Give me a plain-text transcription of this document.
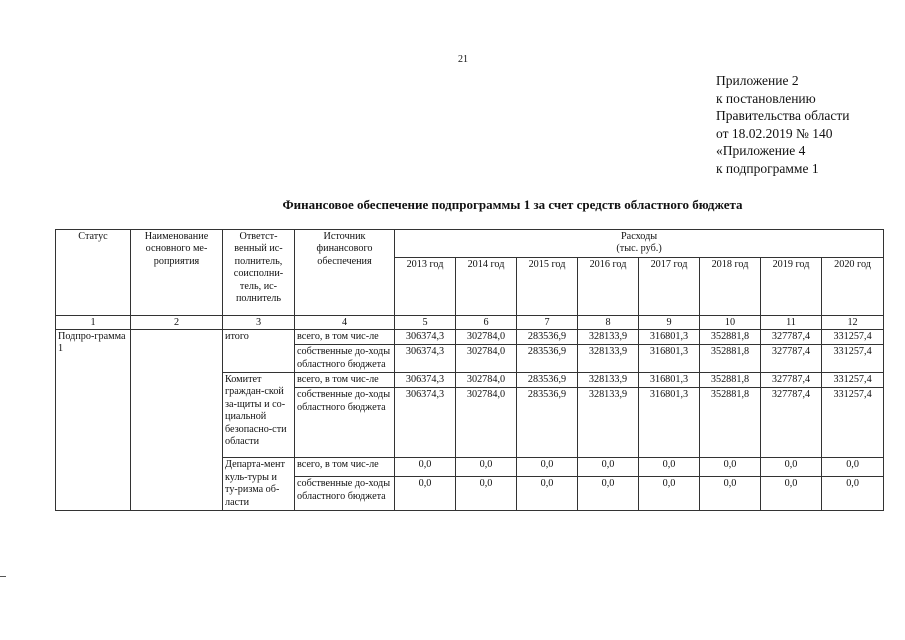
21
Приложение 2
к постановлению
Правительства области
от 18.02.2019 № 140
«Приложение 4
к подпрограмме 1
Финансовое обеспечение подпрограммы 1 за счет средств областного бюджета
Статус	Наименование основного ме-роприятия	Ответст-венный ис-полнитель, соисполни-тель, ис-полнитель	Источник финансового обеспечения	Расходы
(тыс. руб.)							

				2013 год	2014 год	2015 год	2016 год	2017 год	2018 год	2019 год	2020 год
1	2	3	4	5	6	7	8	9	10	11	12
Подпро-грамма 1		итого	всего, в том чис-ле	306374,3	302784,0	283536,9	328133,9	316801,3	352881,8	327787,4	331257,4
			собственные до-ходы областного бюджета	306374,3	302784,0	283536,9	328133,9	316801,3	352881,8	327787,4	331257,4
		Комитет граждан-ской за-щиты и со-циальной безопасно-сти области	всего, в том чис-ле	306374,3	302784,0	283536,9	328133,9	316801,3	352881,8	327787,4	331257,4
			собственные до-ходы областного бюджета	306374,3	302784,0	283536,9	328133,9	316801,3	352881,8	327787,4	331257,4
		Департа-мент куль-туры и ту-ризма об-ласти	всего, в том чис-ле	0,0	0,0	0,0	0,0	0,0	0,0	0,0	0,0
			собственные до-ходы областного бюджета	0,0	0,0	0,0	0,0	0,0	0,0	0,0	0,0
